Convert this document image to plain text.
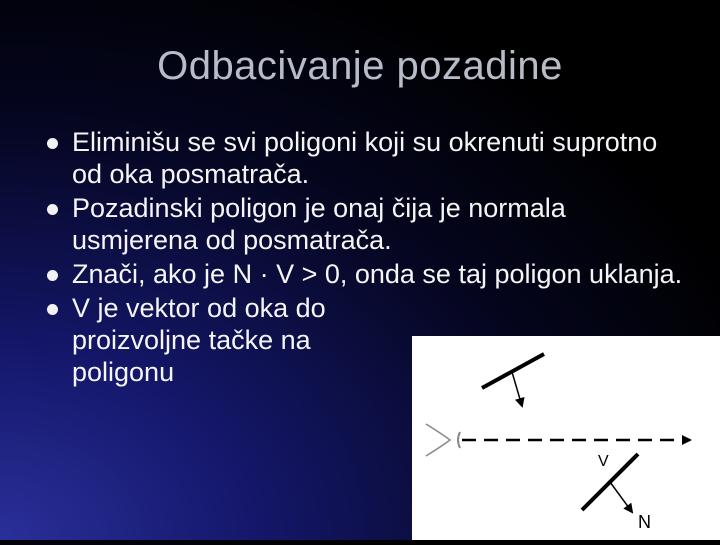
Odbacivanje pozadine
Eliminišu se svi poligoni koji su okrenuti suprotno od oka posmatrača.
Pozadinski poligon je onaj čija je normala usmjerena od posmatrača.
Znači, ako je N · V > 0, onda se taj poligon uklanja.
V je vektor od oka do proizvoljne tačke na poligonu
V
N
